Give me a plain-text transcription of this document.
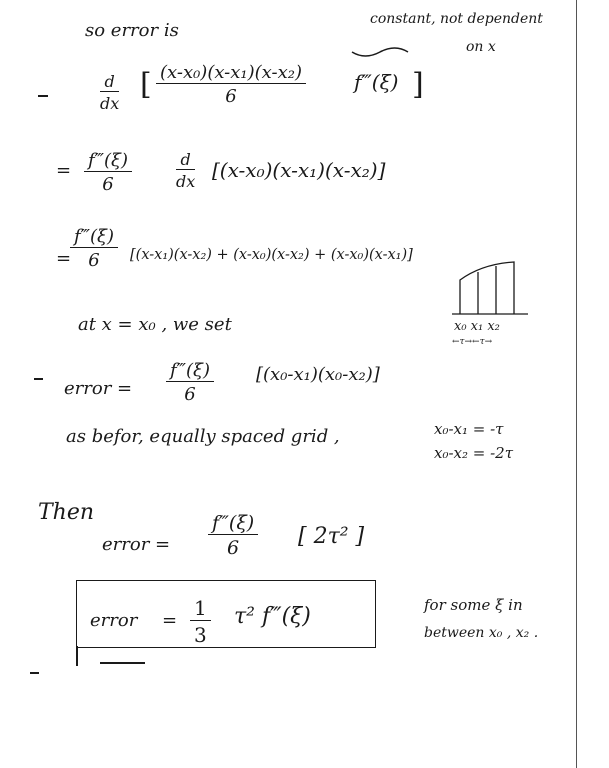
so error is
constant, not dependent
on x
$\frac{d}{dx}$ [ $\frac{\text{(x-x₀)(x-x₁)(x-x₂)}}{6}$ f‴(ξ) ]
= $\frac{f‴(\xi)}{6}$	$\frac{d}{dx} [(x-x_0)(x-x_1)(x-x_2)]$
=
$\frac{f‴(\xi)}{6} [(x-x_1)(x-x_2) + (x-x_0)(x-x_2) + (x-x_0)(x-x_1)]$
x₀ x₁ x₂
←τ→←τ→
at x = x₀ , we set
error = $\frac{f‴(\xi)}{6} [(x_0-x_1)(x_0-x_2)]$
as befor, equally spaced grid ,	x₀-x₁ = -τ
x₀-x₂ = -2τ
Then
error = $\frac{f‴(\xi)}{6}$ [ 2τ² ]
error = $\frac{1}{3} \tau^2$ f‴(ξ)	for some ξ in
between x₀ , x₂ .
